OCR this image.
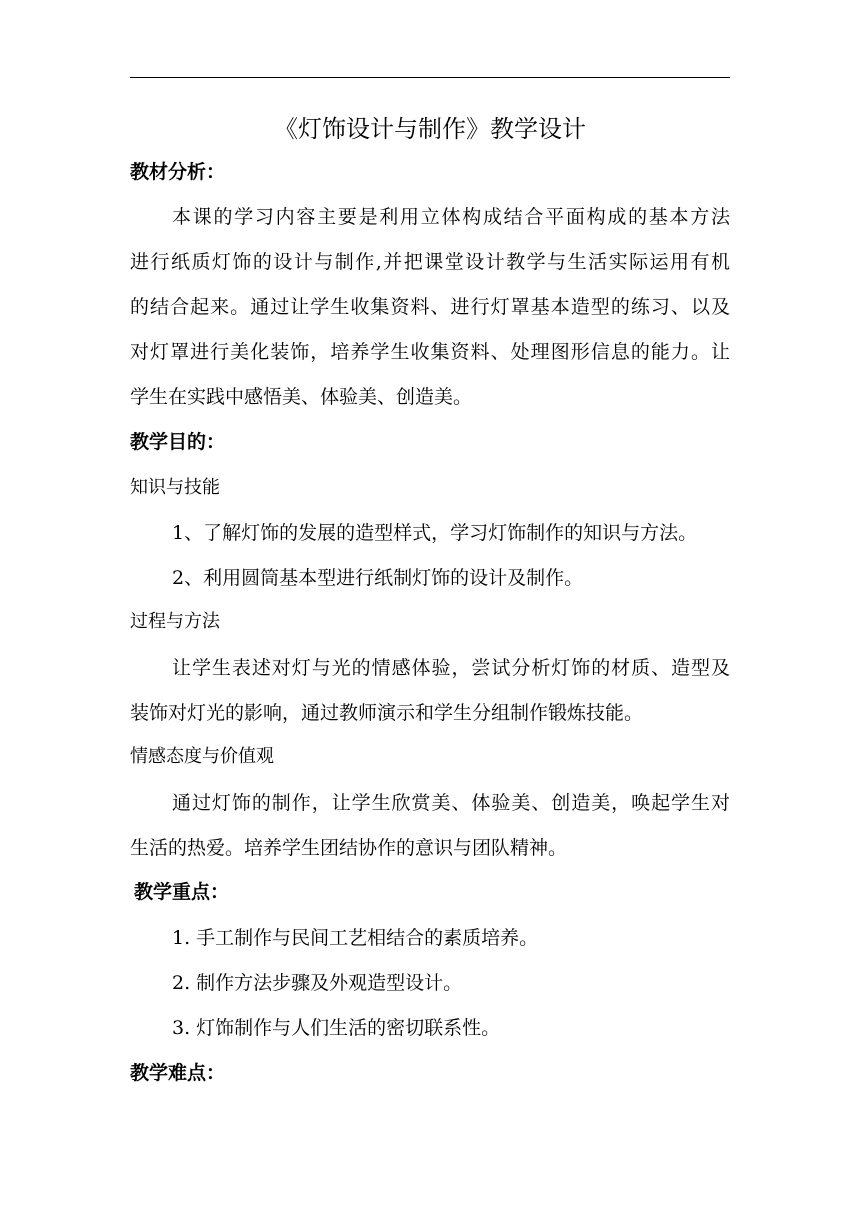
《灯饰设计与制作》教学设计
教材分析：
本课的学习内容主要是利用立体构成结合平面构成的基本方法
进行纸质灯饰的设计与制作,并把课堂设计教学与生活实际运用有机
的结合起来。通过让学生收集资料、进行灯罩基本造型的练习、以及
对灯罩进行美化装饰，培养学生收集资料、处理图形信息的能力。让
学生在实践中感悟美、体验美、创造美。
教学目的：
知识与技能
1、了解灯饰的发展的造型样式，学习灯饰制作的知识与方法。
2、利用圆筒基本型进行纸制灯饰的设计及制作。
过程与方法
让学生表述对灯与光的情感体验，尝试分析灯饰的材质、造型及
装饰对灯光的影响，通过教师演示和学生分组制作锻炼技能。
情感态度与价值观
通过灯饰的制作，让学生欣赏美、体验美、创造美，唤起学生对
生活的热爱。培养学生团结协作的意识与团队精神。
教学重点：
1. 手工制作与民间工艺相结合的素质培养。
2. 制作方法步骤及外观造型设计。
3. 灯饰制作与人们生活的密切联系性。
教学难点：
